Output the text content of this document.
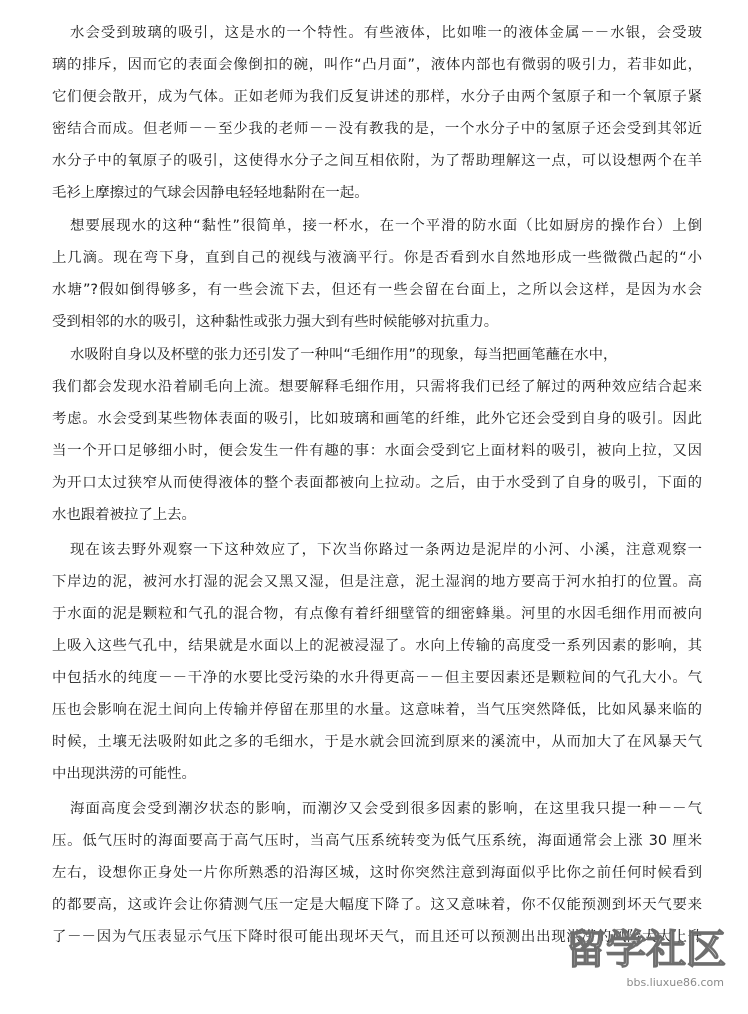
水会受到玻璃的吸引，这是水的一个特性。有些液体，比如唯一的液体金属－－水银，会受玻
璃的排斥，因而它的表面会像倒扣的碗，叫作“凸月面”，液体内部也有微弱的吸引力，若非如此，
它们便会散开，成为气体。正如老师为我们反复讲述的那样，水分子由两个氢原子和一个氧原子紧
密结合而成。但老师－－至少我的老师－－没有教我的是，一个水分子中的氢原子还会受到其邻近
水分子中的氧原子的吸引，这使得水分子之间互相依附，为了帮助理解这一点，可以设想两个在羊
毛衫上摩擦过的气球会因静电轻轻地黏附在一起。
想要展现水的这种“黏性”很简单，接一杯水，在一个平滑的防水面（比如厨房的操作台）上倒
上几滴。现在弯下身，直到自己的视线与液滴平行。你是否看到水自然地形成一些微微凸起的“小
水塘”?假如倒得够多，有一些会流下去，但还有一些会留在台面上，之所以会这样，是因为水会
受到相邻的水的吸引，这种黏性或张力强大到有些时候能够对抗重力。
水吸附自身以及杯壁的张力还引发了一种叫“毛细作用”的现象，每当把画笔蘸在水中，
我们都会发现水沿着刷毛向上流。想要解释毛细作用，只需将我们已经了解过的两种效应结合起来
考虑。水会受到某些物体表面的吸引，比如玻璃和画笔的纤维，此外它还会受到自身的吸引。因此
当一个开口足够细小时，便会发生一件有趣的事：水面会受到它上面材料的吸引，被向上拉，又因
为开口太过狭窄从而使得液体的整个表面都被向上拉动。之后，由于水受到了自身的吸引，下面的
水也跟着被拉了上去。
现在该去野外观察一下这种效应了，下次当你路过一条两边是泥岸的小河、小溪，注意观察一
下岸边的泥，被河水打湿的泥会又黑又湿，但是注意，泥土湿润的地方要高于河水拍打的位置。高
于水面的泥是颗粒和气孔的混合物，有点像有着纤细壁管的细密蜂巢。河里的水因毛细作用而被向
上吸入这些气孔中，结果就是水面以上的泥被浸湿了。水向上传输的高度受一系列因素的影响，其
中包括水的纯度－－干净的水要比受污染的水升得更高－－但主要因素还是颗粒间的气孔大小。气
压也会影响在泥土间向上传输并停留在那里的水量。这意味着，当气压突然降低，比如风暴来临的
时候，土壤无法吸附如此之多的毛细水，于是水就会回流到原来的溪流中，从而加大了在风暴天气
中出现洪涝的可能性。
海面高度会受到潮汐状态的影响，而潮汐又会受到很多因素的影响，在这里我只提一种－－气
压。低气压时的海面要高于高气压时，当高气压系统转变为低气压系统，海面通常会上涨 30 厘米
左右，设想你正身处一片你所熟悉的沿海区城，这时你突然注意到海面似乎比你之前任何时候看到
的都要高，这或许会让你猜测气压一定是大幅度下降了。这又意味着，你不仅能预测到坏天气要来
了－－因为气压表显示气压下降时很可能出现坏天气，而且还可以预测出出现洪涝的风险大大上升
留学社区
bbs.liuxue86.com
